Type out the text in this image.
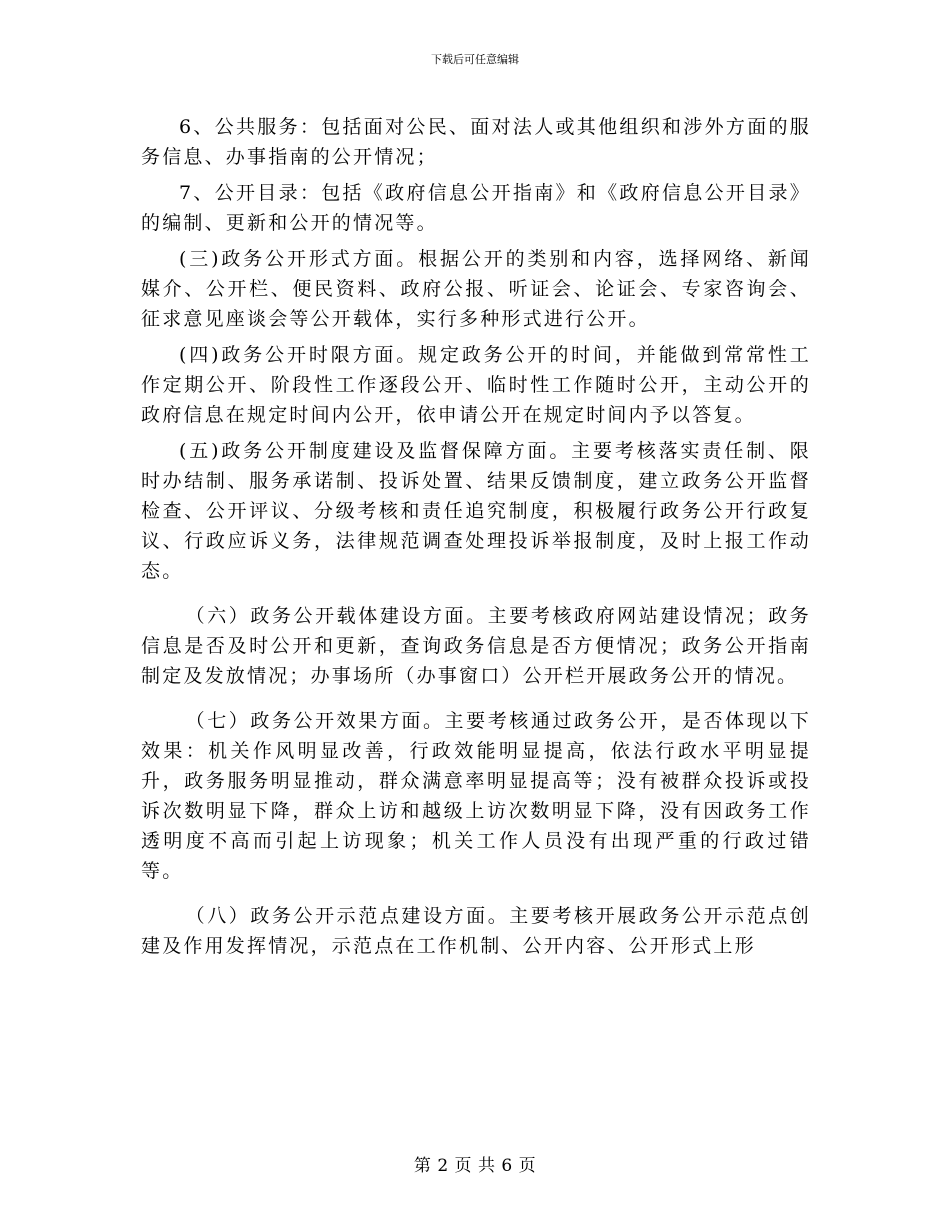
下载后可任意编辑

6、公共服务：包括面对公民、面对法人或其他组织和涉外方面的服务信息、办事指南的公开情况；

7、公开目录：包括《政府信息公开指南》和《政府信息公开目录》的编制、更新和公开的情况等。

(三)政务公开形式方面。根据公开的类别和内容，选择网络、新闻媒介、公开栏、便民资料、政府公报、听证会、论证会、专家咨询会、征求意见座谈会等公开载体，实行多种形式进行公开。

(四)政务公开时限方面。规定政务公开的时间，并能做到常常性工作定期公开、阶段性工作逐段公开、临时性工作随时公开，主动公开的政府信息在规定时间内公开，依申请公开在规定时间内予以答复。

(五)政务公开制度建设及监督保障方面。主要考核落实责任制、限时办结制、服务承诺制、投诉处置、结果反馈制度，建立政务公开监督检查、公开评议、分级考核和责任追究制度，积极履行政务公开行政复议、行政应诉义务，法律规范调查处理投诉举报制度，及时上报工作动态。

（六）政务公开载体建设方面。主要考核政府网站建设情况；政务信息是否及时公开和更新，查询政务信息是否方便情况；政务公开指南制定及发放情况；办事场所（办事窗口）公开栏开展政务公开的情况。

（七）政务公开效果方面。主要考核通过政务公开，是否体现以下效果：机关作风明显改善，行政效能明显提高，依法行政水平明显提升，政务服务明显推动，群众满意率明显提高等；没有被群众投诉或投诉次数明显下降，群众上访和越级上访次数明显下降，没有因政务工作透明度不高而引起上访现象；机关工作人员没有出现严重的行政过错等。

（八）政务公开示范点建设方面。主要考核开展政务公开示范点创建及作用发挥情况，示范点在工作机制、公开内容、公开形式上形

第 2 页 共 6 页
